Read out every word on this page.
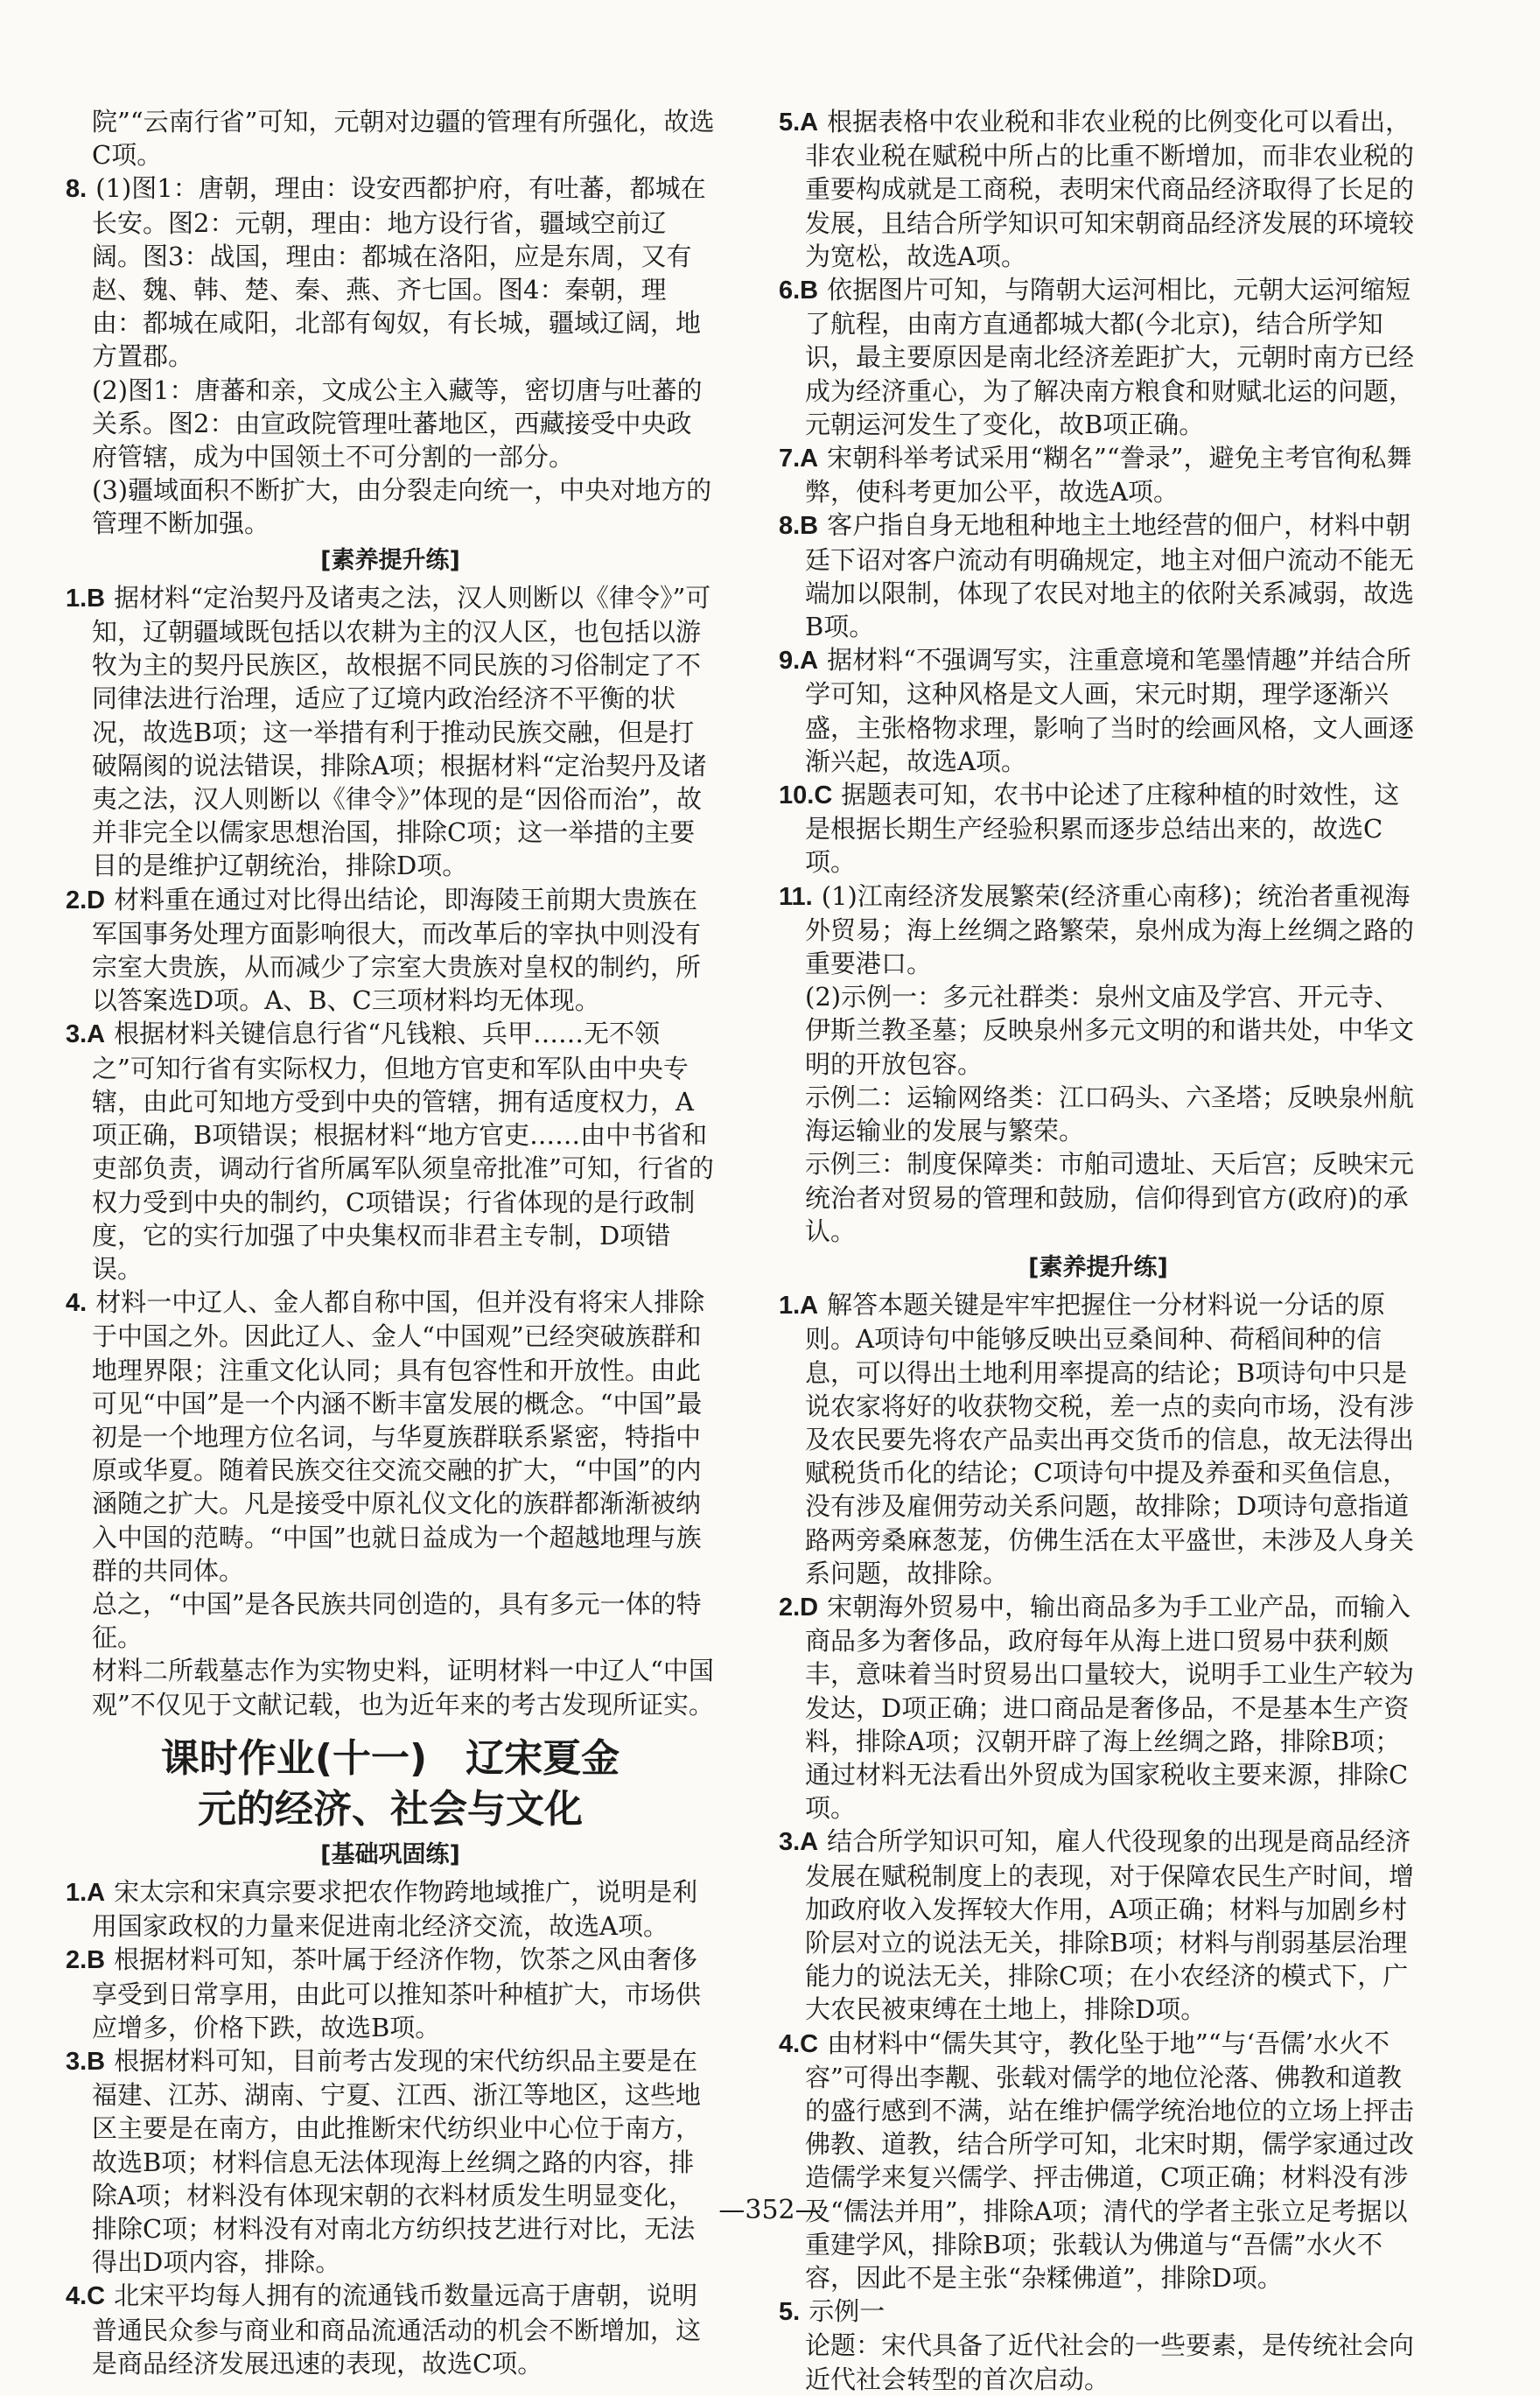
院”“云南行省”可知，元朝对边疆的管理有所强化，故选C项。

8. (1)图1：唐朝，理由：设安西都护府，有吐蕃，都城在长安。图2：元朝，理由：地方设行省，疆域空前辽阔。图3：战国，理由：都城在洛阳，应是东周，又有赵、魏、韩、楚、秦、燕、齐七国。图4：秦朝，理由：都城在咸阳，北部有匈奴，有长城，疆域辽阔，地方置郡。

(2)图1：唐蕃和亲，文成公主入藏等，密切唐与吐蕃的关系。图2：由宣政院管理吐蕃地区，西藏接受中央政府管辖，成为中国领土不可分割的一部分。

(3)疆域面积不断扩大，由分裂走向统一，中央对地方的管理不断加强。

[素养提升练]

1.B 据材料“定治契丹及诸夷之法，汉人则断以《律令》”可知，辽朝疆域既包括以农耕为主的汉人区，也包括以游牧为主的契丹民族区，故根据不同民族的习俗制定了不同律法进行治理，适应了辽境内政治经济不平衡的状况，故选B项；这一举措有利于推动民族交融，但是打破隔阂的说法错误，排除A项；根据材料“定治契丹及诸夷之法，汉人则断以《律令》”体现的是“因俗而治”，故并非完全以儒家思想治国，排除C项；这一举措的主要目的是维护辽朝统治，排除D项。

2.D 材料重在通过对比得出结论，即海陵王前期大贵族在军国事务处理方面影响很大，而改革后的宰执中则没有宗室大贵族，从而减少了宗室大贵族对皇权的制约，所以答案选D项。A、B、C三项材料均无体现。

3.A 根据材料关键信息行省“凡钱粮、兵甲……无不领之”可知行省有实际权力，但地方官吏和军队由中央专辖，由此可知地方受到中央的管辖，拥有适度权力，A项正确，B项错误；根据材料“地方官吏……由中书省和吏部负责，调动行省所属军队须皇帝批准”可知，行省的权力受到中央的制约，C项错误；行省体现的是行政制度，它的实行加强了中央集权而非君主专制，D项错误。

4. 材料一中辽人、金人都自称中国，但并没有将宋人排除于中国之外。因此辽人、金人“中国观”已经突破族群和地理界限；注重文化认同；具有包容性和开放性。由此可见“中国”是一个内涵不断丰富发展的概念。“中国”最初是一个地理方位名词，与华夏族群联系紧密，特指中原或华夏。随着民族交往交流交融的扩大，“中国”的内涵随之扩大。凡是接受中原礼仪文化的族群都渐渐被纳入中国的范畴。“中国”也就日益成为一个超越地理与族群的共同体。

总之，“中国”是各民族共同创造的，具有多元一体的特征。

材料二所载墓志作为实物史料，证明材料一中辽人“中国观”不仅见于文献记载，也为近年来的考古发现所证实。

课时作业(十一)　辽宋夏金
元的经济、社会与文化
[基础巩固练]

1.A 宋太宗和宋真宗要求把农作物跨地域推广，说明是利用国家政权的力量来促进南北经济交流，故选A项。

2.B 根据材料可知，茶叶属于经济作物，饮茶之风由奢侈享受到日常享用，由此可以推知茶叶种植扩大，市场供应增多，价格下跌，故选B项。

3.B 根据材料可知，目前考古发现的宋代纺织品主要是在福建、江苏、湖南、宁夏、江西、浙江等地区，这些地区主要是在南方，由此推断宋代纺织业中心位于南方，故选B项；材料信息无法体现海上丝绸之路的内容，排除A项；材料没有体现宋朝的衣料材质发生明显变化，排除C项；材料没有对南北方纺织技艺进行对比，无法得出D项内容，排除。

4.C 北宋平均每人拥有的流通钱币数量远高于唐朝，说明普通民众参与商业和商品流通活动的机会不断增加，这是商品经济发展迅速的表现，故选C项。

5.A 根据表格中农业税和非农业税的比例变化可以看出，非农业税在赋税中所占的比重不断增加，而非农业税的重要构成就是工商税，表明宋代商品经济取得了长足的发展，且结合所学知识可知宋朝商品经济发展的环境较为宽松，故选A项。

6.B 依据图片可知，与隋朝大运河相比，元朝大运河缩短了航程，由南方直通都城大都(今北京)，结合所学知识，最主要原因是南北经济差距扩大，元朝时南方已经成为经济重心，为了解决南方粮食和财赋北运的问题，元朝运河发生了变化，故B项正确。

7.A 宋朝科举考试采用“糊名”“誊录”，避免主考官徇私舞弊，使科考更加公平，故选A项。

8.B 客户指自身无地租种地主土地经营的佃户，材料中朝廷下诏对客户流动有明确规定，地主对佃户流动不能无端加以限制，体现了农民对地主的依附关系减弱，故选B项。

9.A 据材料“不强调写实，注重意境和笔墨情趣”并结合所学可知，这种风格是文人画，宋元时期，理学逐渐兴盛，主张格物求理，影响了当时的绘画风格，文人画逐渐兴起，故选A项。

10.C 据题表可知，农书中论述了庄稼种植的时效性，这是根据长期生产经验积累而逐步总结出来的，故选C项。

11. (1)江南经济发展繁荣(经济重心南移)；统治者重视海外贸易；海上丝绸之路繁荣，泉州成为海上丝绸之路的重要港口。

(2)示例一：多元社群类：泉州文庙及学宫、开元寺、伊斯兰教圣墓；反映泉州多元文明的和谐共处，中华文明的开放包容。

示例二：运输网络类：江口码头、六圣塔；反映泉州航海运输业的发展与繁荣。

示例三：制度保障类：市舶司遗址、天后宫；反映宋元统治者对贸易的管理和鼓励，信仰得到官方(政府)的承认。

[素养提升练]

1.A 解答本题关键是牢牢把握住一分材料说一分话的原则。A项诗句中能够反映出豆桑间种、荷稻间种的信息，可以得出土地利用率提高的结论；B项诗句中只是说农家将好的收获物交税，差一点的卖向市场，没有涉及农民要先将农产品卖出再交货币的信息，故无法得出赋税货币化的结论；C项诗句中提及养蚕和买鱼信息，没有涉及雇佣劳动关系问题，故排除；D项诗句意指道路两旁桑麻葱茏，仿佛生活在太平盛世，未涉及人身关系问题，故排除。

2.D 宋朝海外贸易中，输出商品多为手工业产品，而输入商品多为奢侈品，政府每年从海上进口贸易中获利颇丰，意味着当时贸易出口量较大，说明手工业生产较为发达，D项正确；进口商品是奢侈品，不是基本生产资料，排除A项；汉朝开辟了海上丝绸之路，排除B项；通过材料无法看出外贸成为国家税收主要来源，排除C项。

3.A 结合所学知识可知，雇人代役现象的出现是商品经济发展在赋税制度上的表现，对于保障农民生产时间，增加政府收入发挥较大作用，A项正确；材料与加剧乡村阶层对立的说法无关，排除B项；材料与削弱基层治理能力的说法无关，排除C项；在小农经济的模式下，广大农民被束缚在土地上，排除D项。

4.C 由材料中“儒失其守，教化坠于地”“与‘吾儒’水火不容”可得出李觏、张载对儒学的地位沦落、佛教和道教的盛行感到不满，站在维护儒学统治地位的立场上抨击佛教、道教，结合所学可知，北宋时期，儒学家通过改造儒学来复兴儒学、抨击佛道，C项正确；材料没有涉及“儒法并用”，排除A项；清代的学者主张立足考据以重建学风，排除B项；张载认为佛道与“吾儒”水火不容，因此不是主张“杂糅佛道”，排除D项。

5. 示例一

论题：宋代具备了近代社会的一些要素，是传统社会向近代社会转型的首次启动。

—352—
